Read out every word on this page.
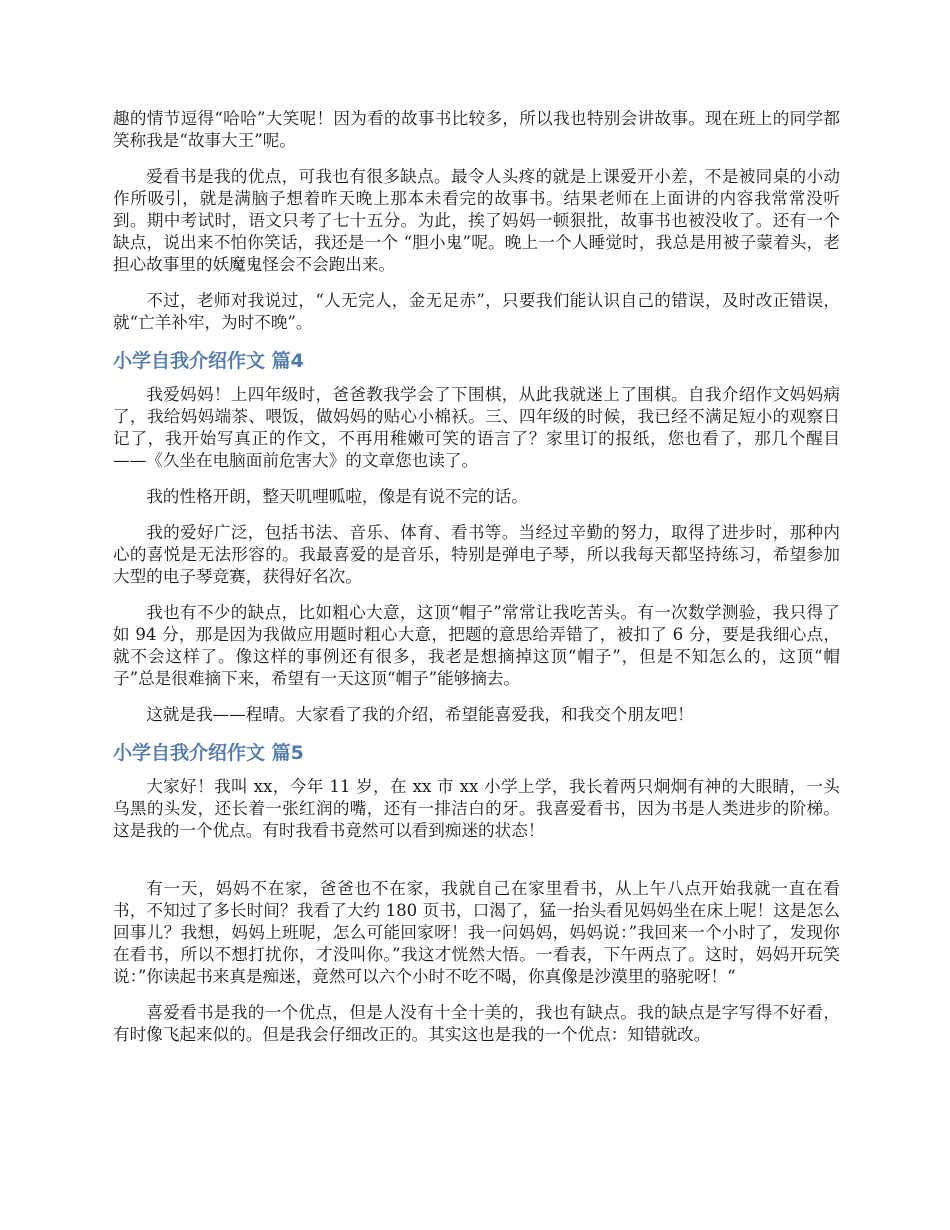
趣的情节逗得“哈哈”大笑呢！因为看的故事书比较多，所以我也特别会讲故事。现在班上的同学都笑称我是“故事大王”呢。

爱看书是我的优点，可我也有很多缺点。最令人头疼的就是上课爱开小差，不是被同桌的小动作所吸引，就是满脑子想着昨天晚上那本未看完的故事书。结果老师在上面讲的内容我常常没听到。期中考试时，语文只考了七十五分。为此，挨了妈妈一顿狠批，故事书也被没收了。还有一个缺点，说出来不怕你笑话，我还是一个 “胆小鬼”呢。晚上一个人睡觉时，我总是用被子蒙着头，老担心故事里的妖魔鬼怪会不会跑出来。

不过，老师对我说过，“人无完人，金无足赤”，只要我们能认识自己的错误，及时改正错误，就“亡羊补牢，为时不晚”。

小学自我介绍作文 篇4

我爱妈妈！上四年级时，爸爸教我学会了下围棋，从此我就迷上了围棋。自我介绍作文妈妈病了，我给妈妈端茶、喂饭，做妈妈的贴心小棉袄。三、四年级的时候，我已经不满足短小的观察日记了，我开始写真正的作文，不再用稚嫩可笑的语言了？家里订的报纸，您也看了，那几个醒目——《久坐在电脑面前危害大》的文章您也读了。

我的性格开朗，整天叽哩呱啦，像是有说不完的话。

我的爱好广泛，包括书法、音乐、体育、看书等。当经过辛勤的努力，取得了进步时，那种内心的喜悦是无法形容的。我最喜爱的是音乐，特别是弹电子琴，所以我每天都坚持练习，希望参加大型的电子琴竞赛，获得好名次。

我也有不少的缺点，比如粗心大意，这顶“帽子”常常让我吃苦头。有一次数学测验，我只得了如 94 分，那是因为我做应用题时粗心大意，把题的意思给弄错了，被扣了 6 分，要是我细心点，就不会这样了。像这样的事例还有很多，我老是想摘掉这顶“帽子”，但是不知怎么的，这顶“帽子”总是很难摘下来，希望有一天这顶“帽子”能够摘去。

这就是我——程晴。大家看了我的介绍，希望能喜爱我，和我交个朋友吧！

小学自我介绍作文 篇5

大家好！我叫 xx，今年 11 岁，在 xx 市 xx 小学上学，我长着两只炯炯有神的大眼睛，一头乌黑的头发，还长着一张红润的嘴，还有一排洁白的牙。我喜爱看书，因为书是人类进步的阶梯。这是我的一个优点。有时我看书竟然可以看到痴迷的状态！

有一天，妈妈不在家，爸爸也不在家，我就自己在家里看书，从上午八点开始我就一直在看书，不知过了多长时间？我看了大约 180 页书，口渴了，猛一抬头看见妈妈坐在床上呢！这是怎么回事儿？我想，妈妈上班呢，怎么可能回家呀！我一问妈妈，妈妈说：”我回来一个小时了，发现你在看书，所以不想打扰你，才没叫你。”我这才恍然大悟。一看表，下午两点了。这时，妈妈开玩笑说：”你读起书来真是痴迷，竟然可以六个小时不吃不喝，你真像是沙漠里的骆驼呀！“

喜爱看书是我的一个优点，但是人没有十全十美的，我也有缺点。我的缺点是字写得不好看，有时像飞起来似的。但是我会仔细改正的。其实这也是我的一个优点：知错就改。
